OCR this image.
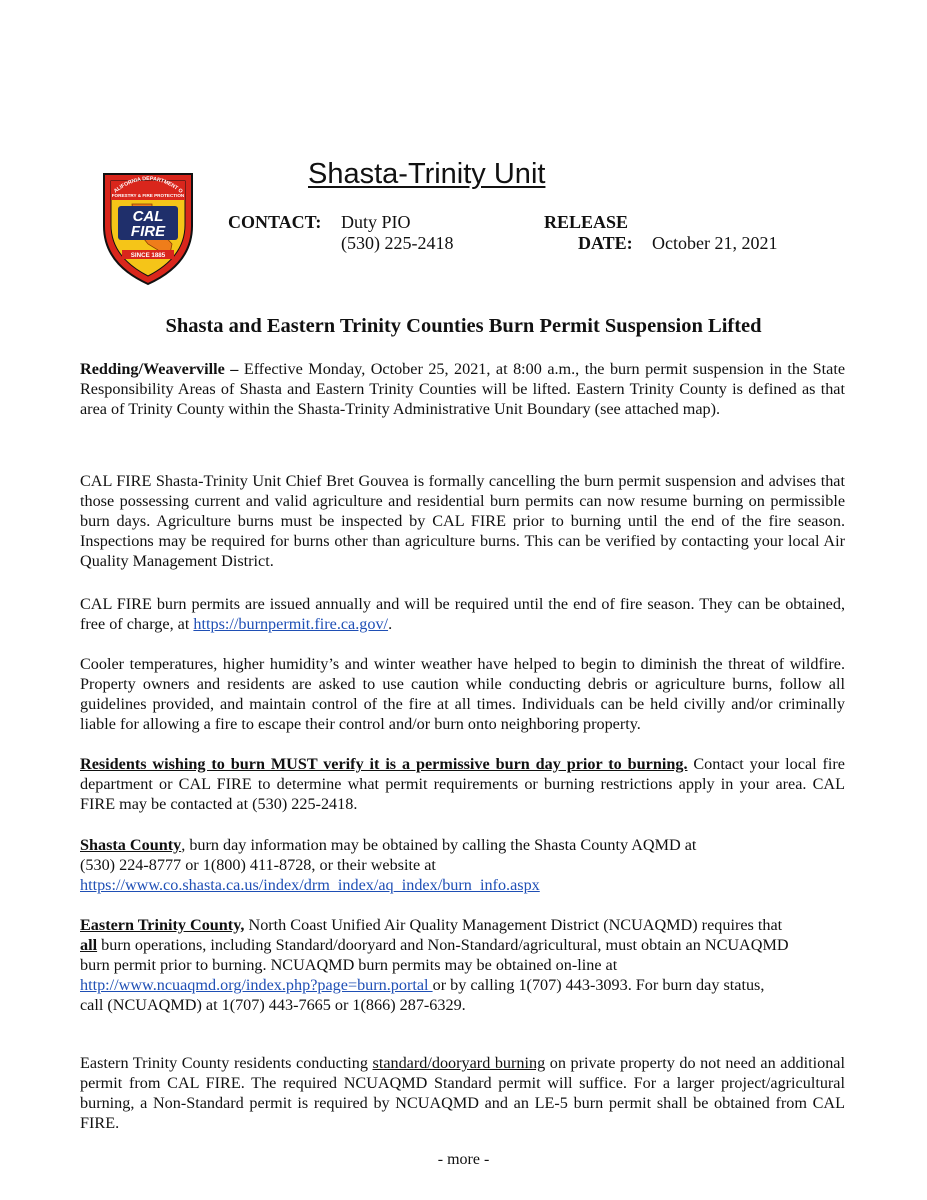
Shasta-Trinity Unit
ALIFORNIA DEPARTMENT O
FORESTRY & FIRE PROTECTION
CAL
FIRE
SINCE 1885
CONTACT: Duty PIO
(530) 225-2418
RELEASE
DATE: October 21, 2021
Shasta and Eastern Trinity Counties Burn Permit Suspension Lifted
Redding/Weaverville – Effective Monday, October 25, 2021, at 8:00 a.m., the burn permit suspension in the State Responsibility Areas of Shasta and Eastern Trinity Counties will be lifted. Eastern Trinity County is defined as that area of Trinity County within the Shasta-Trinity Administrative Unit Boundary (see attached map).
CAL FIRE Shasta-Trinity Unit Chief Bret Gouvea is formally cancelling the burn permit suspension and advises that those possessing current and valid agriculture and residential burn permits can now resume burning on permissible burn days. Agriculture burns must be inspected by CAL FIRE prior to burning until the end of the fire season. Inspections may be required for burns other than agriculture burns. This can be verified by contacting your local Air Quality Management District.
CAL FIRE burn permits are issued annually and will be required until the end of fire season. They can be obtained, free of charge, at https://burnpermit.fire.ca.gov/.
Cooler temperatures, higher humidity’s and winter weather have helped to begin to diminish the threat of wildfire. Property owners and residents are asked to use caution while conducting debris or agriculture burns, follow all guidelines provided, and maintain control of the fire at all times. Individuals can be held civilly and/or criminally liable for allowing a fire to escape their control and/or burn onto neighboring property.
Residents wishing to burn MUST verify it is a permissive burn day prior to burning. Contact your local fire department or CAL FIRE to determine what permit requirements or burning restrictions apply in your area. CAL FIRE may be contacted at (530) 225-2418.
Shasta County, burn day information may be obtained by calling the Shasta County AQMD at
(530) 224-8777 or 1(800) 411-8728, or their website at
https://www.co.shasta.ca.us/index/drm_index/aq_index/burn_info.aspx
Eastern Trinity County, North Coast Unified Air Quality Management District (NCUAQMD) requires that
all burn operations, including Standard/dooryard and Non-Standard/agricultural, must obtain an NCUAQMD
burn permit prior to burning. NCUAQMD burn permits may be obtained on-line at
http://www.ncuaqmd.org/index.php?page=burn.portal or by calling 1(707) 443-3093. For burn day status,
call (NCUAQMD) at 1(707) 443-7665 or 1(866) 287-6329.
Eastern Trinity County residents conducting standard/dooryard burning on private property do not need an additional permit from CAL FIRE. The required NCUAQMD Standard permit will suffice. For a larger project/agricultural burning, a Non-Standard permit is required by NCUAQMD and an LE-5 burn permit shall be obtained from CAL FIRE.
- more -
